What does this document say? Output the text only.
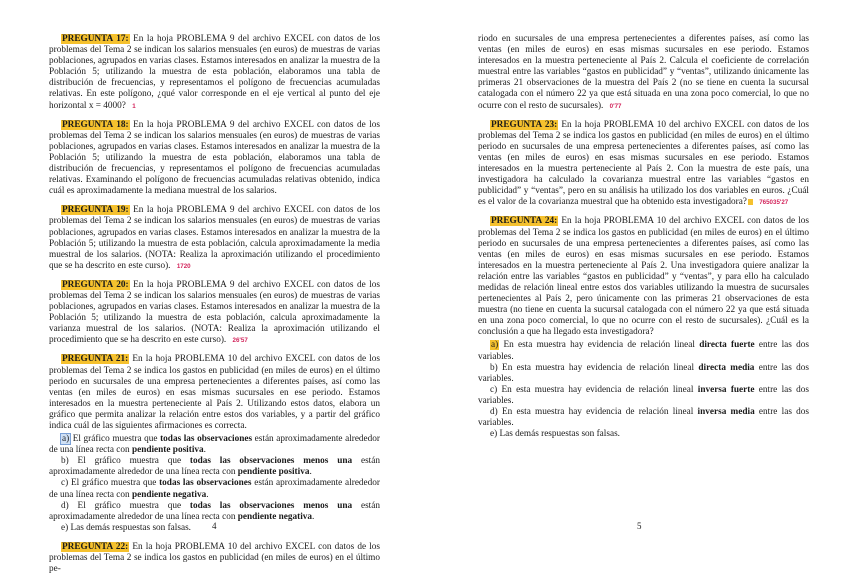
PREGUNTA 17: En la hoja PROBLEMA 9 del archivo EXCEL con datos de los problemas del Tema 2 se indican los salarios mensuales (en euros) de muestras de varias poblaciones, agrupados en varias clases. Estamos interesados en analizar la muestra de la Población 5; utilizando la muestra de esta población, elaboramos una tabla de distribución de frecuencias, y representamos el polígono de frecuencias acumuladas relativas. En este polígono, ¿qué valor corresponde en el eje vertical al punto del eje horizontal x = 4000? 1

PREGUNTA 18: En la hoja PROBLEMA 9 del archivo EXCEL con datos de los problemas del Tema 2 se indican los salarios mensuales (en euros) de muestras de varias poblaciones, agrupados en varias clases. Estamos interesados en analizar la muestra de la Población 5; utilizando la muestra de esta población, elaboramos una tabla de distribución de frecuencias, y representamos el polígono de frecuencias acumuladas relativas. Examinando el polígono de frecuencias acumuladas relativas obtenido, indica cuál es aproximadamente la mediana muestral de los salarios.

PREGUNTA 19: En la hoja PROBLEMA 9 del archivo EXCEL con datos de los problemas del Tema 2 se indican los salarios mensuales (en euros) de muestras de varias poblaciones, agrupados en varias clases. Estamos interesados en analizar la muestra de la Población 5; utilizando la muestra de esta población, calcula aproximadamente la media muestral de los salarios. (NOTA: Realiza la aproximación utilizando el procedimiento que se ha descrito en este curso). 1720

PREGUNTA 20: En la hoja PROBLEMA 9 del archivo EXCEL con datos de los problemas del Tema 2 se indican los salarios mensuales (en euros) de muestras de varias poblaciones, agrupados en varias clases. Estamos interesados en analizar la muestra de la Población 5; utilizando la muestra de esta población, calcula aproximadamente la varianza muestral de los salarios. (NOTA: Realiza la aproximación utilizando el procedimiento que se ha descrito en este curso). 26'57

PREGUNTA 21: En la hoja PROBLEMA 10 del archivo EXCEL con datos de los problemas del Tema 2 se indica los gastos en publicidad (en miles de euros) en el último periodo en sucursales de una empresa pertenecientes a diferentes países, así como las ventas (en miles de euros) en esas mismas sucursales en ese periodo. Estamos interesados en la muestra perteneciente al País 2. Utilizando estos datos, elabora un gráfico que permita analizar la relación entre estos dos variables, y a partir del gráfico indica cuál de las siguientes afirmaciones es correcta.

a) El gráfico muestra que todas las observaciones están aproximadamente alrededor de una línea recta con pendiente positiva.

b) El gráfico muestra que todas las observaciones menos una están aproximadamente alrededor de una línea recta con pendiente positiva.

c) El gráfico muestra que todas las observaciones están aproximadamente alrededor de una línea recta con pendiente negativa.

d) El gráfico muestra que todas las observaciones menos una están aproximadamente alrededor de una línea recta con pendiente negativa.

e) Las demás respuestas son falsas.

PREGUNTA 22: En la hoja PROBLEMA 10 del archivo EXCEL con datos de los problemas del Tema 2 se indica los gastos en publicidad (en miles de euros) en el último pe-

4

riodo en sucursales de una empresa pertenecientes a diferentes países, así como las ventas (en miles de euros) en esas mismas sucursales en ese periodo. Estamos interesados en la muestra perteneciente al País 2. Calcula el coeficiente de correlación muestral entre las variables “gastos en publicidad” y “ventas”, utilizando únicamente las primeras 21 observaciones de la muestra del País 2 (no se tiene en cuenta la sucursal catalogada con el número 22 ya que está situada en una zona poco comercial, lo que no ocurre con el resto de sucursales). 0'77

PREGUNTA 23: En la hoja PROBLEMA 10 del archivo EXCEL con datos de los problemas del Tema 2 se indica los gastos en publicidad (en miles de euros) en el último periodo en sucursales de una empresa pertenecientes a diferentes países, así como las ventas (en miles de euros) en esas mismas sucursales en ese periodo. Estamos interesados en la muestra perteneciente al País 2. Con la muestra de este país, una investigadora ha calculado la covarianza muestral entre las variables “gastos en publicidad” y “ventas”, pero en su análisis ha utilizado los dos variables en euros. ¿Cuál es el valor de la covarianza muestral que ha obtenido esta investigadora? 765035'27

PREGUNTA 24: En la hoja PROBLEMA 10 del archivo EXCEL con datos de los problemas del Tema 2 se indica los gastos en publicidad (en miles de euros) en el último periodo en sucursales de una empresa pertenecientes a diferentes países, así como las ventas (en miles de euros) en esas mismas sucursales en ese periodo. Estamos interesados en la muestra perteneciente al País 2. Una investigadora quiere analizar la relación entre las variables “gastos en publicidad” y “ventas”, y para ello ha calculado medidas de relación lineal entre estos dos variables utilizando la muestra de sucursales pertenecientes al País 2, pero únicamente con las primeras 21 observaciones de esta muestra (no tiene en cuenta la sucursal catalogada con el número 22 ya que está situada en una zona poco comercial, lo que no ocurre con el resto de sucursales). ¿Cuál es la conclusión a que ha llegado esta investigadora?

a) En esta muestra hay evidencia de relación lineal directa fuerte entre las dos variables.

b) En esta muestra hay evidencia de relación lineal directa media entre las dos variables.

c) En esta muestra hay evidencia de relación lineal inversa fuerte entre las dos variables.

d) En esta muestra hay evidencia de relación lineal inversa media entre las dos variables.

e) Las demás respuestas son falsas.

5
